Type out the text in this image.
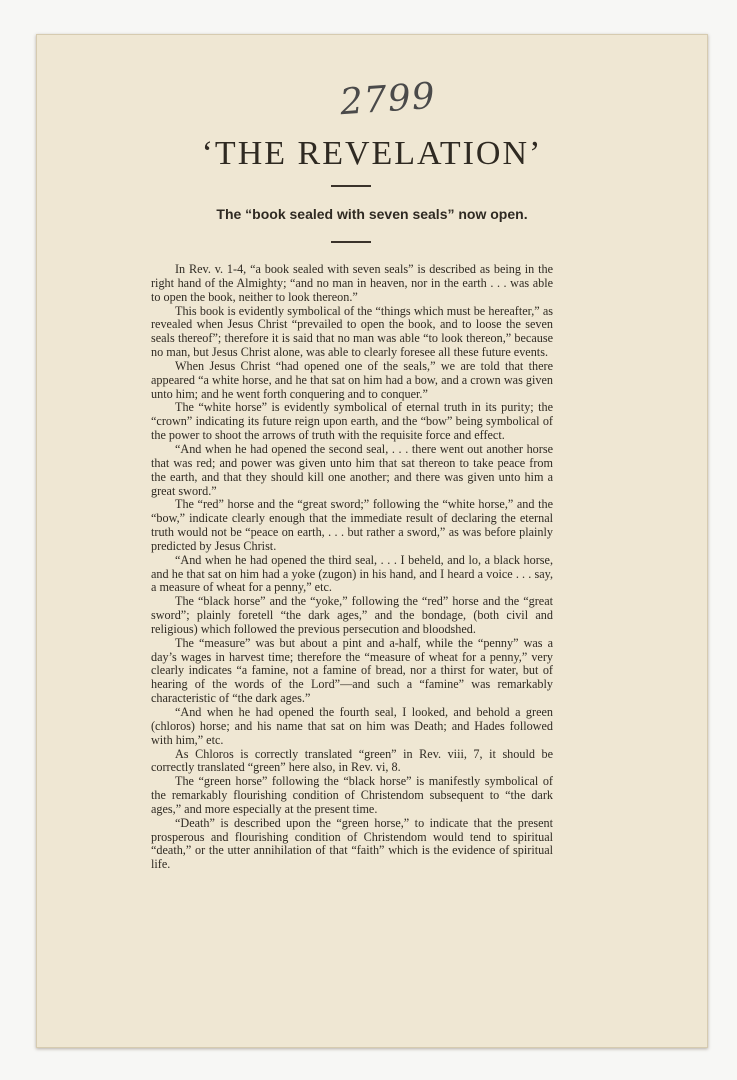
2799
‘THE REVELATION’
The “book sealed with seven seals” now open.

In Rev. v. 1-4, “a book sealed with seven seals” is described as being in the right hand of the Almighty; “and no man in heaven, nor in the earth . . . was able to open the book, neither to look thereon.”

This book is evidently symbolical of the “things which must be hereafter,” as revealed when Jesus Christ “prevailed to open the book, and to loose the seven seals thereof”; therefore it is said that no man was able “to look thereon,” because no man, but Jesus Christ alone, was able to clearly foresee all these future events.

When Jesus Christ “had opened one of the seals,” we are told that there appeared “a white horse, and he that sat on him had a bow, and a crown was given unto him; and he went forth conquering and to conquer.”

The “white horse” is evidently symbolical of eternal truth in its purity; the “crown” indicating its future reign upon earth, and the “bow” being symbolical of the power to shoot the arrows of truth with the requisite force and effect.

“And when he had opened the second seal, . . . there went out another horse that was red; and power was given unto him that sat thereon to take peace from the earth, and that they should kill one another; and there was given unto him a great sword.”

The “red” horse and the “great sword;” following the “white horse,” and the “bow,” indicate clearly enough that the immediate result of declaring the eternal truth would not be “peace on earth, . . . but rather a sword,” as was before plainly predicted by Jesus Christ.

“And when he had opened the third seal, . . . I beheld, and lo, a black horse, and he that sat on him had a yoke (zugon) in his hand, and I heard a voice . . . say, a measure of wheat for a penny,” etc.

The “black horse” and the “yoke,” following the “red” horse and the “great sword”; plainly foretell “the dark ages,” and the bondage, (both civil and religious) which followed the previous persecution and bloodshed.

The “measure” was but about a pint and a-half, while the “penny” was a day’s wages in harvest time; therefore the “measure of wheat for a penny,” very clearly indicates “a famine, not a famine of bread, nor a thirst for water, but of hearing of the words of the Lord”—and such a “famine” was remarkably characteristic of “the dark ages.”

“And when he had opened the fourth seal, I looked, and behold a green (chloros) horse; and his name that sat on him was Death; and Hades followed with him,” etc.

As Chloros is correctly translated “green” in Rev. viii, 7, it should be correctly translated “green” here also, in Rev. vi, 8.

The “green horse” following the “black horse” is manifestly symbolical of the remarkably flourishing condition of Christendom subsequent to “the dark ages,” and more especially at the present time.

“Death” is described upon the “green horse,” to indicate that the present prosperous and flourishing condition of Christendom would tend to spiritual “death,” or the utter annihilation of that “faith” which is the evidence of spiritual life.
